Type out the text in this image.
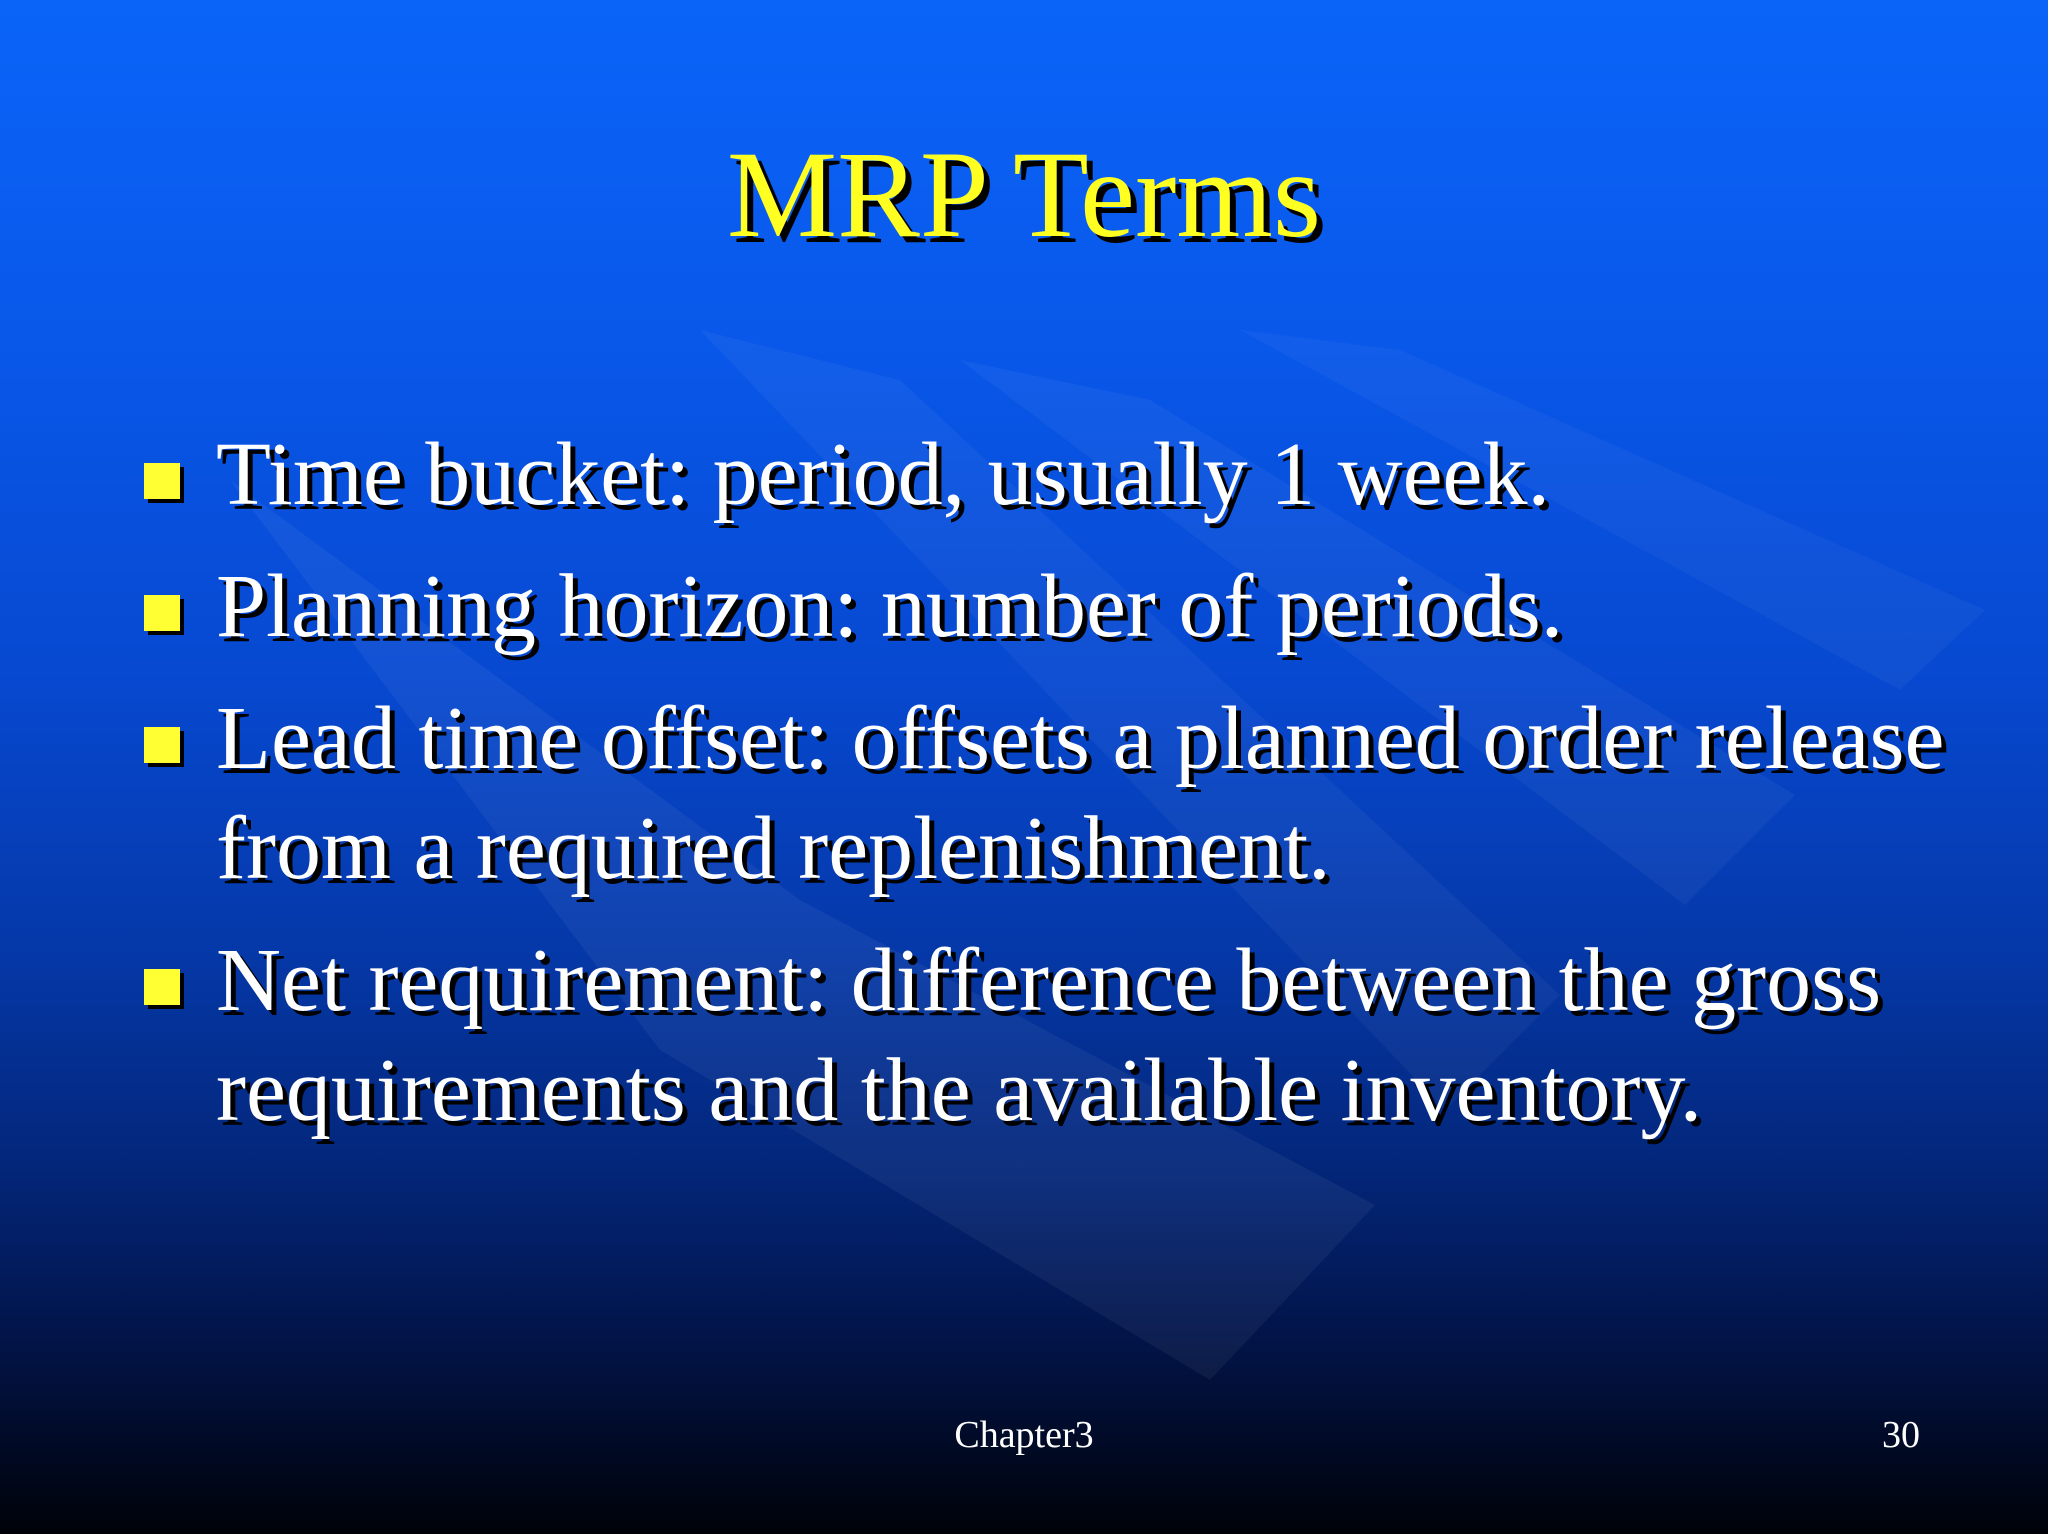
MRP Terms
Time bucket: period, usually 1 week.
Planning horizon: number of periods.
Lead time offset: offsets a planned order release
from a required replenishment.
Net requirement: difference between the gross
requirements and the available inventory.
Chapter3	30
